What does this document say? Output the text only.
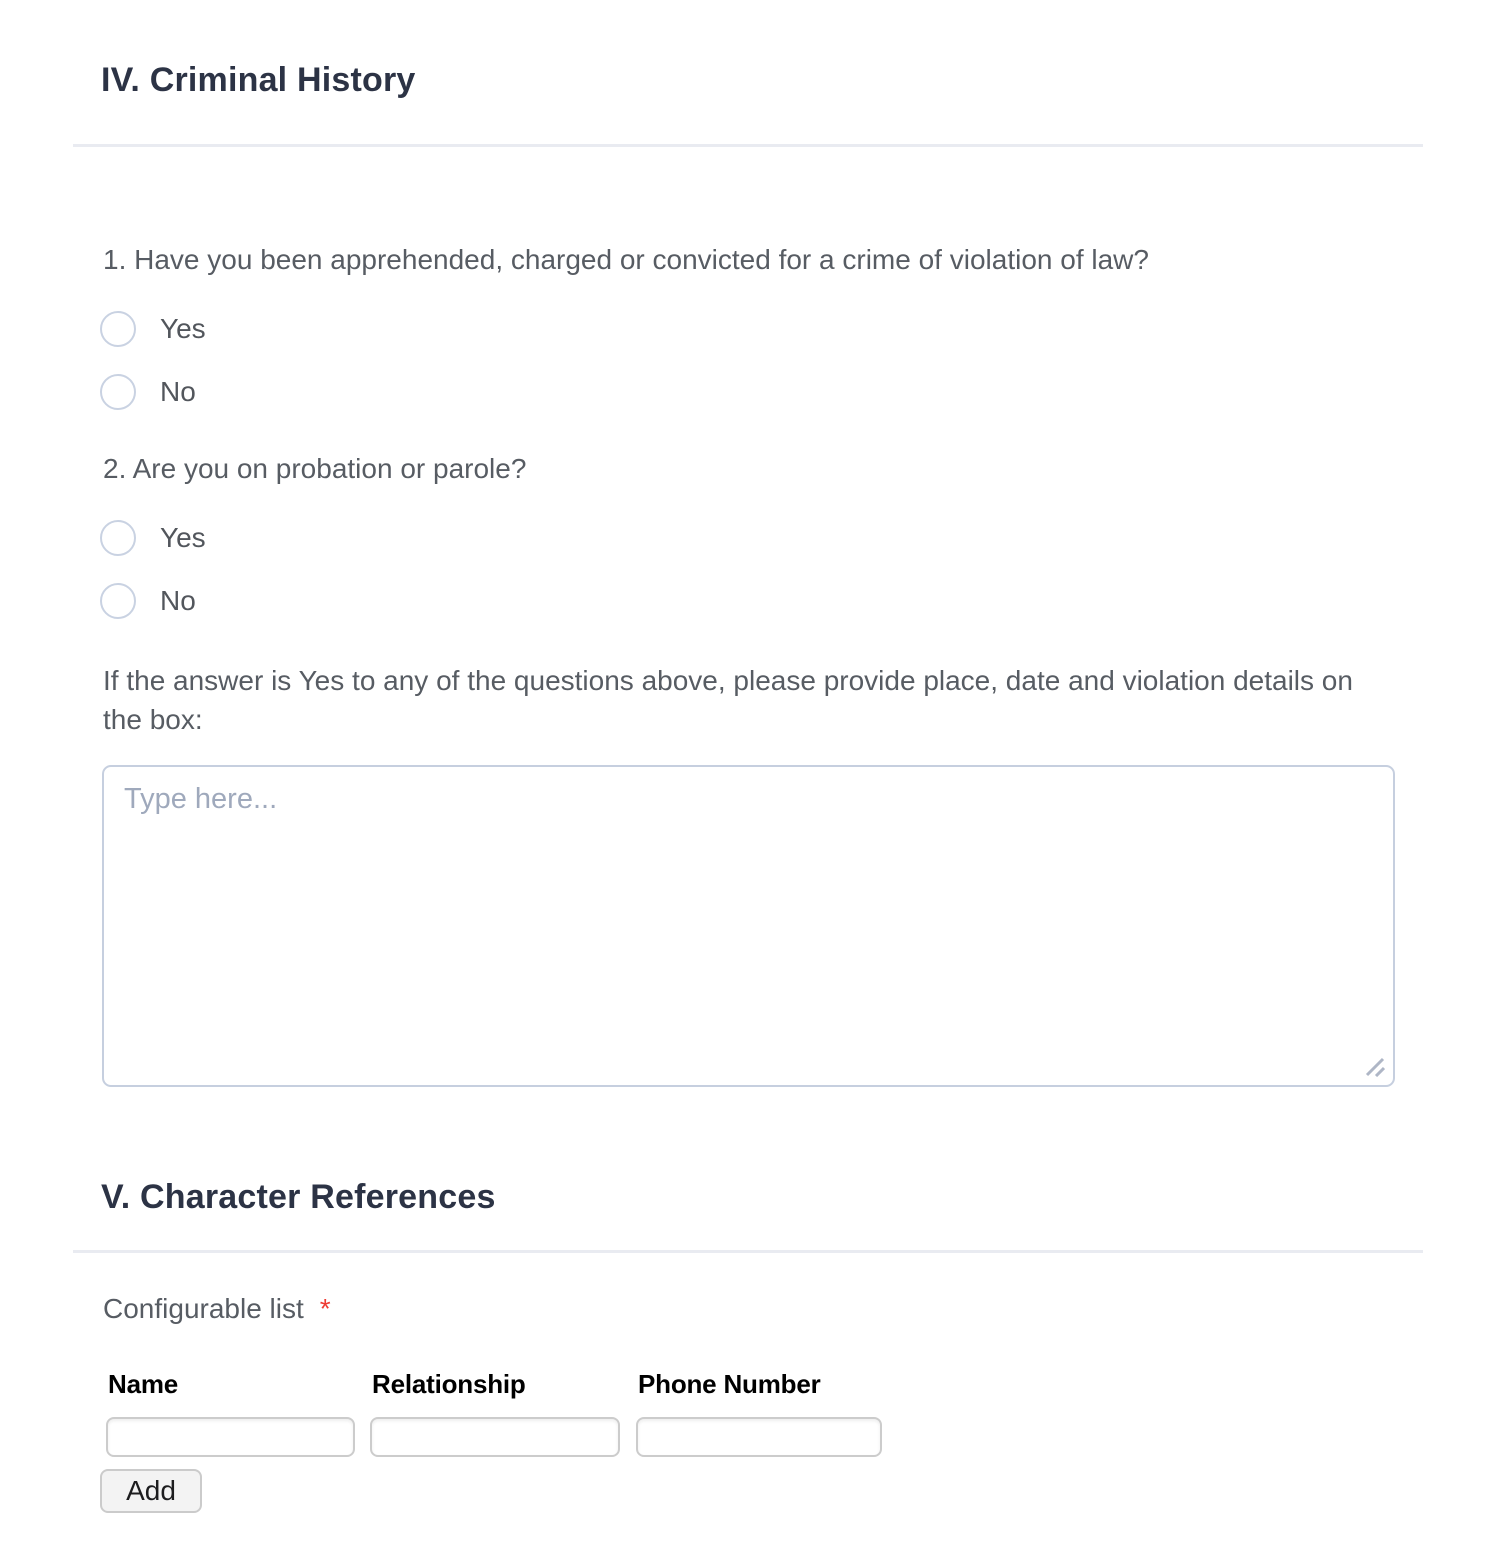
IV. Criminal History
1. Have you been apprehended, charged or convicted for a crime of violation of law?
Yes
No
2. Are you on probation or parole?
Yes
No
If the answer is Yes to any of the questions above, please provide place, date and violation details on the box:
Type here...
V. Character References
Configurable list *
Name	Relationship	Phone Number
Add
